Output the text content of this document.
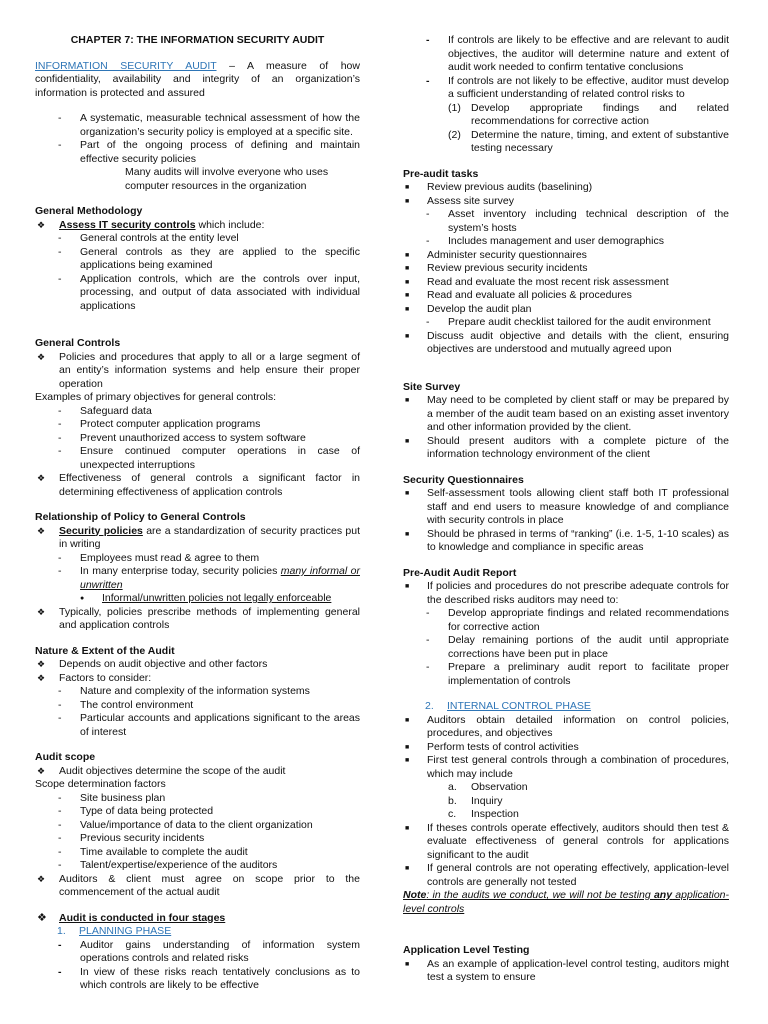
CHAPTER 7: THE INFORMATION SECURITY AUDIT
INFORMATION SECURITY AUDIT – A measure of how confidentiality, availability and integrity of an organization’s information is protected and assured
-	A systematic, measurable technical assessment of how the organization’s security policy is employed at a specific site.
-	Part of the ongoing process of defining and maintain effective security policies
Many audits will involve everyone who uses computer resources in the organization
General Methodology
❖	Assess IT security controls which include:
-	General controls at the entity level
-	General controls as they are applied to the specific applications being examined
-	Application controls, which are the controls over input, processing, and output of data associated with individual applications
General Controls
❖	Policies and procedures that apply to all or a large segment of an entity’s information systems and help ensure their proper operation
Examples of primary objectives for general controls:
-	Safeguard data
-	Protect computer application programs
-	Prevent unauthorized access to system software
-	Ensure continued computer operations in case of unexpected interruptions
❖	Effectiveness of general controls a significant factor in determining effectiveness of application controls
Relationship of Policy to General Controls
❖	Security policies are a standardization of security practices put in writing
-	Employees must read & agree to them
-	In many enterprise today, security policies many informal or unwritten
●	Informal/unwritten policies not legally enforceable
❖	Typically, policies prescribe methods of implementing general and application controls
Nature & Extent of the Audit
❖	Depends on audit objective and other factors
❖	Factors to consider:
-	Nature and complexity of the information systems
-	The control environment
-	Particular accounts and applications significant to the areas of interest
Audit scope
❖	Audit objectives determine the scope of the audit
Scope determination factors
-	Site business plan
-	Type of data being protected
-	Value/importance of data to the client organization
-	Previous security incidents
-	Time available to complete the audit
-	Talent/expertise/experience of the auditors
❖	Auditors & client must agree on scope prior to the commencement of the actual audit
❖	Audit is conducted in four stages
1.	PLANNING PHASE
-	Auditor gains understanding of information system operations controls and related risks
-	In view of these risks reach tentatively conclusions as to which controls are likely to be effective
-	If controls are likely to be effective and are relevant to audit objectives, the auditor will determine nature and extent of audit work needed to confirm tentative conclusions
-	If controls are not likely to be effective, auditor must develop a sufficient understanding of related control risks to
(1) Develop appropriate findings and related recommendations for corrective action
(2) Determine the nature, timing, and extent of substantive testing necessary
Pre-audit tasks
■	Review previous audits (baselining)
■	Assess site survey
-	Asset inventory including technical description of the system’s hosts
-	Includes management and user demographics
■	Administer security questionnaires
■	Review previous security incidents
■	Read and evaluate the most recent risk assessment
■	Read and evaluate all policies & procedures
■	Develop the audit plan
-	Prepare audit checklist tailored for the audit environment
■	Discuss audit objective and details with the client, ensuring objectives are understood and mutually agreed upon
Site Survey
■	May need to be completed by client staff or may be prepared by a member of the audit team based on an existing asset inventory and other information provided by the client.
■	Should present auditors with a complete picture of the information technology environment of the client
Security Questionnaires
■	Self-assessment tools allowing client staff both IT professional staff and end users to measure knowledge of and compliance with security controls in place
■	Should be phrased in terms of “ranking” (i.e. 1-5, 1-10 scales) as to knowledge and compliance in specific areas
Pre-Audit Audit Report
■	If policies and procedures do not prescribe adequate controls for the described risks auditors may need to:
-	Develop appropriate findings and related recommendations for corrective action
-	Delay remaining portions of the audit until appropriate corrections have been put in place
-	Prepare a preliminary audit report to facilitate proper implementation of controls
2.	INTERNAL CONTROL PHASE
■	Auditors obtain detailed information on control policies, procedures, and objectives
■	Perform tests of control activities
■	First test general controls through a combination of procedures, which may include
a.	Observation
b.	Inquiry
c.	Inspection
■	If theses controls operate effectively, auditors should then test & evaluate effectiveness of general controls for applications significant to the audit
■	If general controls are not operating effectively, application-level controls are generally not tested
Note: in the audits we conduct, we will not be testing any application-level controls
Application Level Testing
■	As an example of application-level control testing, auditors might test a system to ensure
